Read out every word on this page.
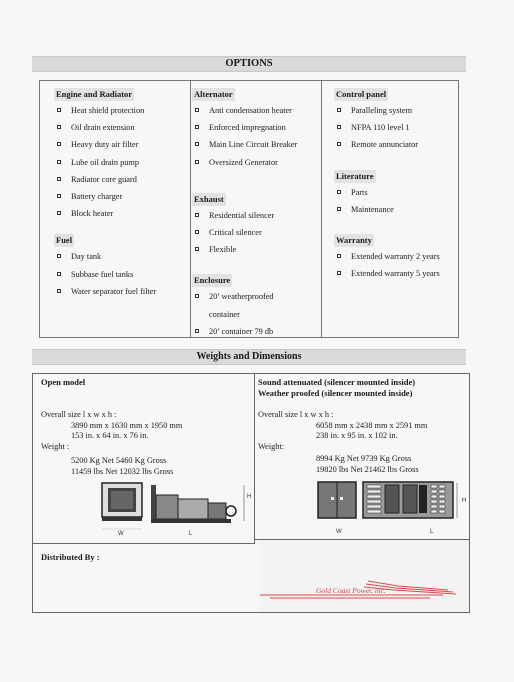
OPTIONS
Engine and Radiator
Heat shield protection
Oil drain extension
Heavy duty air filter
Lube oil drain pump
Radiator core guard
Battery charger
Block heater
Fuel
Day tank
Subbase fuel tanks
Water separator fuel filter
Alternator
Anti condensation heater
Enforced impregnation
Main Line Circuit Breaker
Oversized Generator
Exhaust
Residential silencer
Critical silencer
Flexible
Enclosure
20’ weatherproofed
container
20’ container 79 db
Control panel
Paralleling system
NFPA 110 level 1
Remote annunciator
Literature
Parts
Maintenance
Warranty
Extended warranty 2 years
Extended warranty 5 years
Weights and Dimensions
Open model
Overall size l x w x h :
3890 mm x 1630 mm x 1950 mm
153 in. x 64 in. x 76 in.
Weight :
5200 Kg Net 5460 Kg Gross
11459 lbs Net 12032 lbs Gross
W	L
H
Sound attenuated (silencer mounted inside)
Weather proofed (silencer mounted inside)
Overall size l x w x h :
6058 mm x 2438 mm x 2591 mm
238 in. x 95 in. x 102 in.
Weight:
8994 Kg Net 9739 Kg Gross
19820 lbs Net 21462 lbs Gross
W	L
H
Distributed By :
Gold Coast Power, inc.
